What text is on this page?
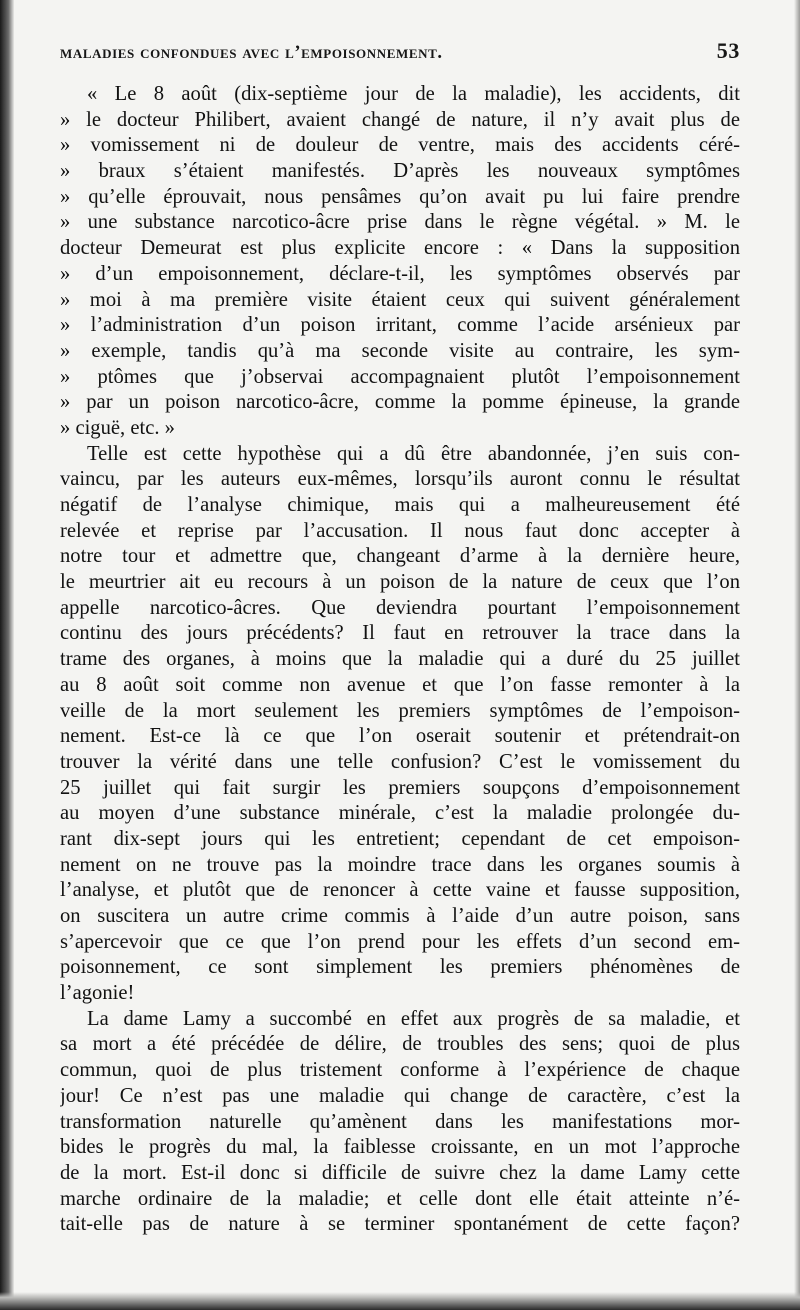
maladies confondues avec l’empoisonnement.	53
« Le 8 août (dix-septième jour de la maladie), les accidents, dit
» le docteur Philibert, avaient changé de nature, il n’y avait plus de
» vomissement ni de douleur de ventre, mais des accidents céré-
» braux s’étaient manifestés. D’après les nouveaux symptômes
» qu’elle éprouvait, nous pensâmes qu’on avait pu lui faire prendre
» une substance narcotico-âcre prise dans le règne végétal. » M. le
docteur Demeurat est plus explicite encore : « Dans la supposition
» d’un empoisonnement, déclare-t-il, les symptômes observés par
» moi à ma première visite étaient ceux qui suivent généralement
» l’administration d’un poison irritant, comme l’acide arsénieux par
» exemple, tandis qu’à ma seconde visite au contraire, les sym-
» ptômes que j’observai accompagnaient plutôt l’empoisonnement
» par un poison narcotico-âcre, comme la pomme épineuse, la grande
» ciguë, etc. »
Telle est cette hypothèse qui a dû être abandonnée, j’en suis con-
vaincu, par les auteurs eux-mêmes, lorsqu’ils auront connu le résultat
négatif de l’analyse chimique, mais qui a malheureusement été
relevée et reprise par l’accusation. Il nous faut donc accepter à
notre tour et admettre que, changeant d’arme à la dernière heure,
le meurtrier ait eu recours à un poison de la nature de ceux que l’on
appelle narcotico-âcres. Que deviendra pourtant l’empoisonnement
continu des jours précédents? Il faut en retrouver la trace dans la
trame des organes, à moins que la maladie qui a duré du 25 juillet
au 8 août soit comme non avenue et que l’on fasse remonter à la
veille de la mort seulement les premiers symptômes de l’empoison-
nement. Est-ce là ce que l’on oserait soutenir et prétendrait-on
trouver la vérité dans une telle confusion? C’est le vomissement du
25 juillet qui fait surgir les premiers soupçons d’empoisonnement
au moyen d’une substance minérale, c’est la maladie prolongée du-
rant dix-sept jours qui les entretient; cependant de cet empoison-
nement on ne trouve pas la moindre trace dans les organes soumis à
l’analyse, et plutôt que de renoncer à cette vaine et fausse supposition,
on suscitera un autre crime commis à l’aide d’un autre poison, sans
s’apercevoir que ce que l’on prend pour les effets d’un second em-
poisonnement, ce sont simplement les premiers phénomènes de
l’agonie!
La dame Lamy a succombé en effet aux progrès de sa maladie, et
sa mort a été précédée de délire, de troubles des sens; quoi de plus
commun, quoi de plus tristement conforme à l’expérience de chaque
jour! Ce n’est pas une maladie qui change de caractère, c’est la
transformation naturelle qu’amènent dans les manifestations mor-
bides le progrès du mal, la faiblesse croissante, en un mot l’approche
de la mort. Est-il donc si difficile de suivre chez la dame Lamy cette
marche ordinaire de la maladie; et celle dont elle était atteinte n’é-
tait-elle pas de nature à se terminer spontanément de cette façon?
